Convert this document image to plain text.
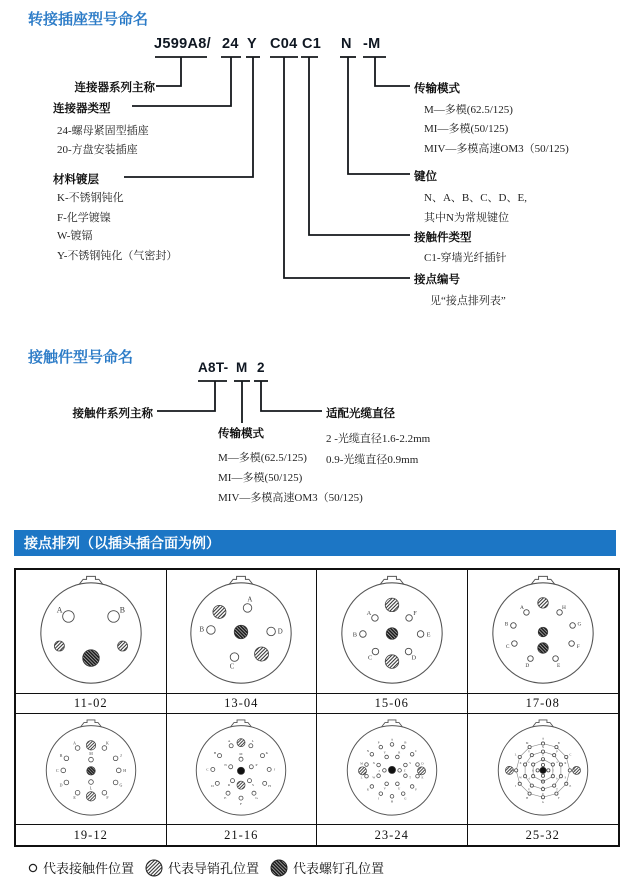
转接插座型号命名
J599A8/ 24 Y C04 C1 N -M
连接器系列主称
连接器类型
24-螺母紧固型插座
20-方盘安装插座
材料镀层
K-不锈钢钝化
F-化学镀镍
W-镀镉
Y-不锈钢钝化（气密封）
传输模式
M—多模(62.5/125)
MI—多模(50/125)
MIV—多模高速OM3（50/125)
键位
N、A、B、C、D、E,
其中N为常规键位
接触件类型
C1-穿墙光纤插针
接点编号
见“接点排列表”
接触件型号命名
A8T- M 2
接触件系列主称
传输模式
M—多模(62.5/125)
MI—多模(50/125)
MIV—多模高速OM3（50/125)
适配光缆直径
2 -光缆直径1.6-2.2mm
0.9-光缆直径0.9mm
接点排列（以插头插合面为例）
A	B
A
B
C
D
A
B
C	D
E
F
A
B
C
D	E
F
G
H
11-02	13-04	15-06	17-08
A
B
C
D
E	F
G
H
J
K
L
M
A
B
C
D
E
F
G
H
J
K
L
M
N	P
R	S
A
B
C
D
E
F
G
H
J
K
L
M
N
P
R
S
T
U
V
W
X
Y
Z
a
A
B
C
D
E
F
G
H
J
K
L
M
N
P
R
S
T
U
V
W
X
Y
Z
a
b
c
d
e
f
g
h
j
19-12	21-16	23-24	25-32
代表接触件位置	代表导销孔位置	代表螺钉孔位置
